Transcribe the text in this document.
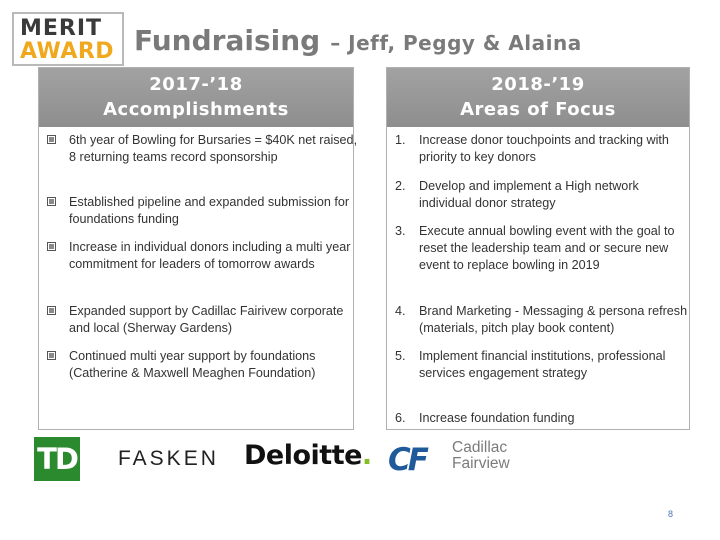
MERIT
AWARD Fundraising – Jeff, Peggy & Alaina
2017-’18
Accomplishments
6th year of Bowling for Bursaries = $40K net raised, 8 returning teams record sponsorship
Established pipeline and expanded submission for foundations funding
Increase in individual donors including a multi year commitment for leaders of tomorrow awards
Expanded support by Cadillac Fairivew corporate and local (Sherway Gardens)
Continued multi year support by foundations (Catherine & Maxwell Meaghen Foundation)
2018-’19
Areas of Focus
1. Increase donor touchpoints and tracking with priority to key donors
2. Develop and implement a High network individual donor strategy
3. Execute annual bowling event with the goal to reset the leadership team and or secure new event to replace bowling in 2019
4. Brand Marketing - Messaging & persona refresh (materials, pitch play book content)
5. Implement financial institutions, professional services engagement strategy
6. Increase foundation funding
TD FASKEN Deloitte. CF Cadillac
Fairview
8
